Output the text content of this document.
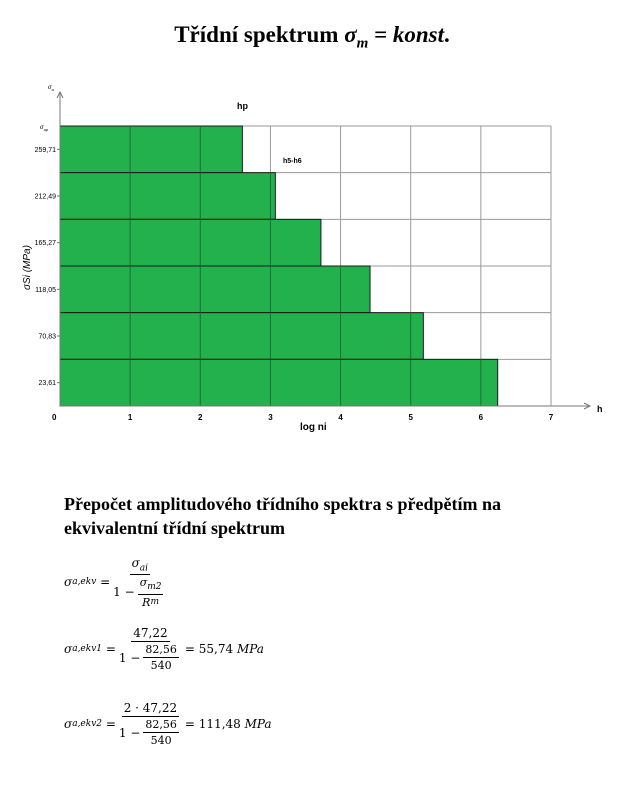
Třídní spektrum $\sigma_m$ = konst.
259,71
212,49
165,27
118,05
70,83
23,61
0	1	2	3	4	5	6	7
$\sigma_a$
$\sigma_{ap}$
σSi (MPa)
log ni
h
hp
h5-h6
Přepočet amplitudového třídního spektra s předpětím na ekvivalentní třídní spektrum
σ $a,ekv = \frac{\sigma_{ai}}{1 - \frac{\sigma_{m2}}{\text{R m}}}$
σ $a,ekv1 = \frac{47,22}{1 - \frac{82,56}{540}} = 55,74$
MPa
σ $a,ekv2 = \frac{2 \cdot 47,22}{1 - \frac{82,56}{540}} = 111,48$
MPa
